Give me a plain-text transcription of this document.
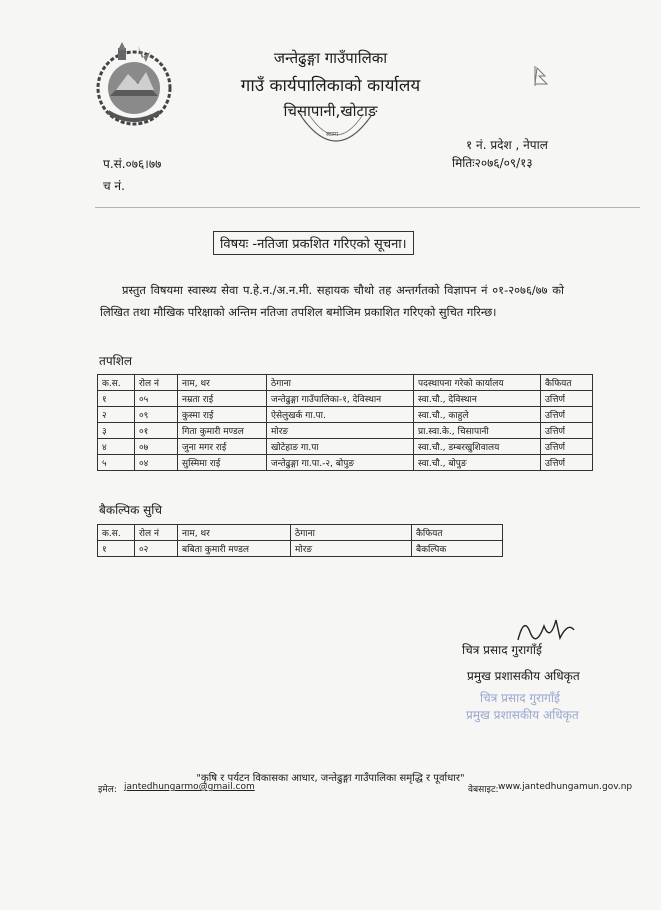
जन्तेढुङ्गा गाउँपालिका
गाउँ कार्यपालिकाको कार्यालय
चिसापानी,खोटाङ
स्टाम्प
१ नं. प्रदेश , नेपाल
प.सं.०७६।७७	मितिः२०७६/०९/१३
च नं.
विषयः -नतिजा प्रकशित गरिएको सूचना।
प्रस्तुत विषयमा स्वास्थ्य सेवा प.हे.न./अ.न.मी. सहायक चौथो तह अन्तर्गतको विज्ञापन नं ०१-२०७६/७७ को लिखित तथा मौखिक परिक्षाको अन्तिम नतिजा तपशिल बमोजिम प्रकाशित गरिएको सुचित गरिन्छ।
तपशिल
क.स.	रोल नं	नाम, थर	ठेगाना	पदस्थापना गरेको कार्यालय	कैफियत
१	०५	नम्रता राई	जन्तेढुङ्गा गाउँपालिका-१, देविस्थान	स्वा.चौ., देविस्थान	उत्तिर्ण
२	०९	कुस्मा राई	ऐसेलुखर्क गा.पा.	स्वा.चौ., काहुले	उत्तिर्ण
३	०१	गिता कुमारी मण्डल	मोरङ	प्रा.स्वा.के., चिसापानी	उत्तिर्ण
४	०७	जुना मगर राई	खोटेहाङ गा.पा	स्वा.चौ., डम्बरखुशिवालय	उत्तिर्ण
५	०४	सुस्मिमा राई	जन्तेढुङ्गा गा.पा.-२, बोपुङ	स्वा.चौ., बोपुङ	उत्तिर्ण
बैकल्पिक सुचि
क.स.	रोल नं	नाम, थर	ठेगाना	कैफियत
१	०२	बबिता कुमारी मण्डल	मोरङ	बैकल्पिक
चित्र प्रसाद गुरागाँई
प्रमुख प्रशासकीय अधिकृत
चित्र प्रसाद गुरागाँई
प्रमुख प्रशासकीय अधिकृत
"कृषि र पर्यटन विकासका आधार, जन्तेढुङ्गा गाउँपालिका समृद्धि र पूर्वाधार"
इमेल: jantedhungarmo@gmail.com	वेबसाइट: www.jantedhungamun.gov.np
